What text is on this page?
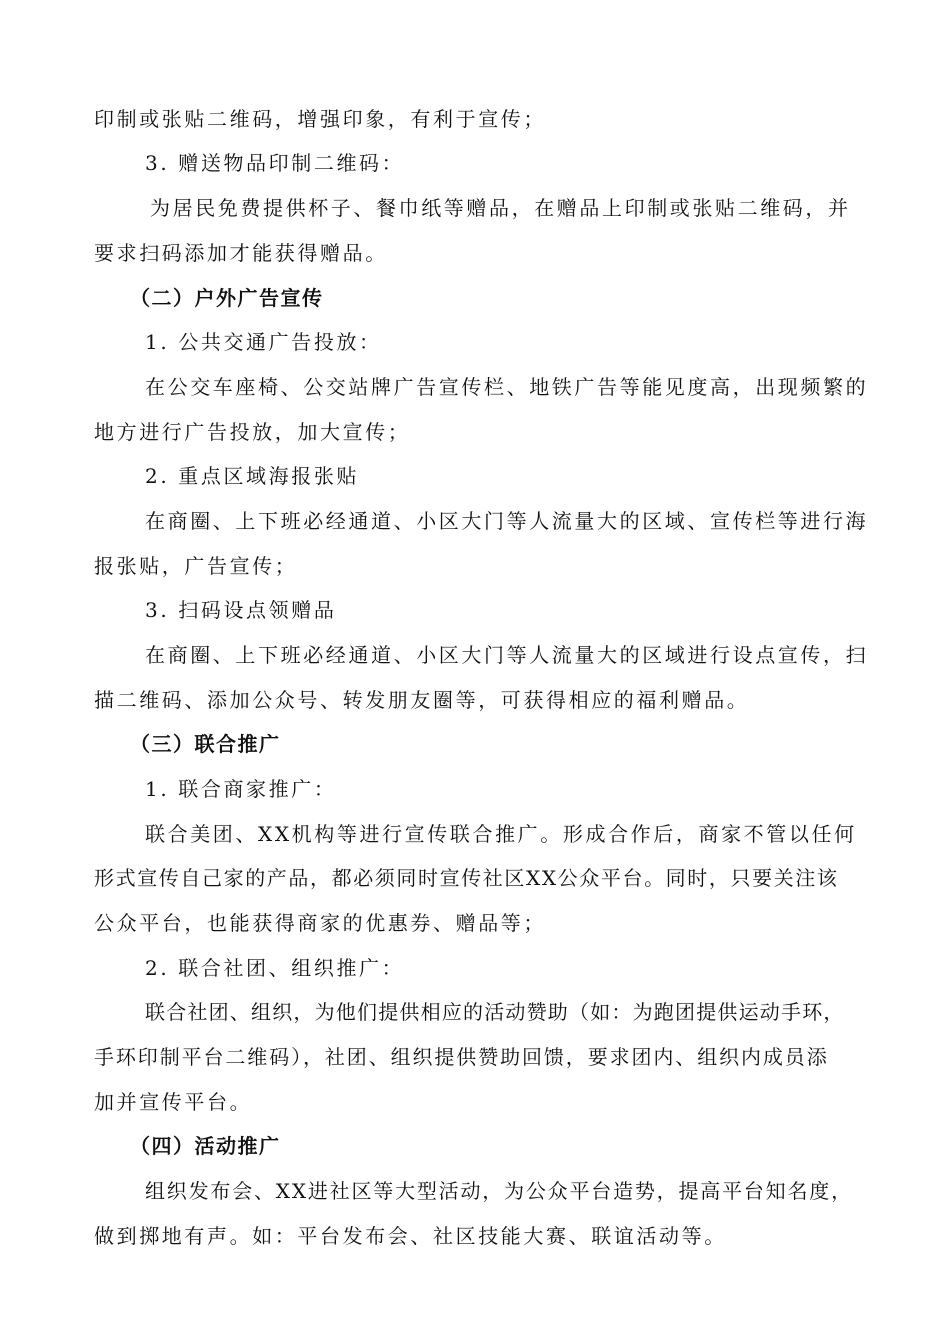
印制或张贴二维码，增强印象，有利于宣传；
3. 赠送物品印制二维码：
为居民免费提供杯子、餐巾纸等赠品，在赠品上印制或张贴二维码，并
要求扫码添加才能获得赠品。
（二）户外广告宣传
1. 公共交通广告投放：
在公交车座椅、公交站牌广告宣传栏、地铁广告等能见度高，出现频繁的
地方进行广告投放，加大宣传；
2. 重点区域海报张贴
在商圈、上下班必经通道、小区大门等人流量大的区域、宣传栏等进行海
报张贴，广告宣传；
3. 扫码设点领赠品
在商圈、上下班必经通道、小区大门等人流量大的区域进行设点宣传，扫
描二维码、添加公众号、转发朋友圈等，可获得相应的福利赠品。
（三）联合推广
1. 联合商家推广：
联合美团、XX机构等进行宣传联合推广。形成合作后，商家不管以任何
形式宣传自己家的产品，都必须同时宣传社区XX公众平台。同时，只要关注该
公众平台，也能获得商家的优惠券、赠品等；
2. 联合社团、组织推广：
联合社团、组织，为他们提供相应的活动赞助（如：为跑团提供运动手环，
手环印制平台二维码），社团、组织提供赞助回馈，要求团内、组织内成员添
加并宣传平台。
（四）活动推广
组织发布会、XX进社区等大型活动，为公众平台造势，提高平台知名度，
做到掷地有声。如：平台发布会、社区技能大赛、联谊活动等。
